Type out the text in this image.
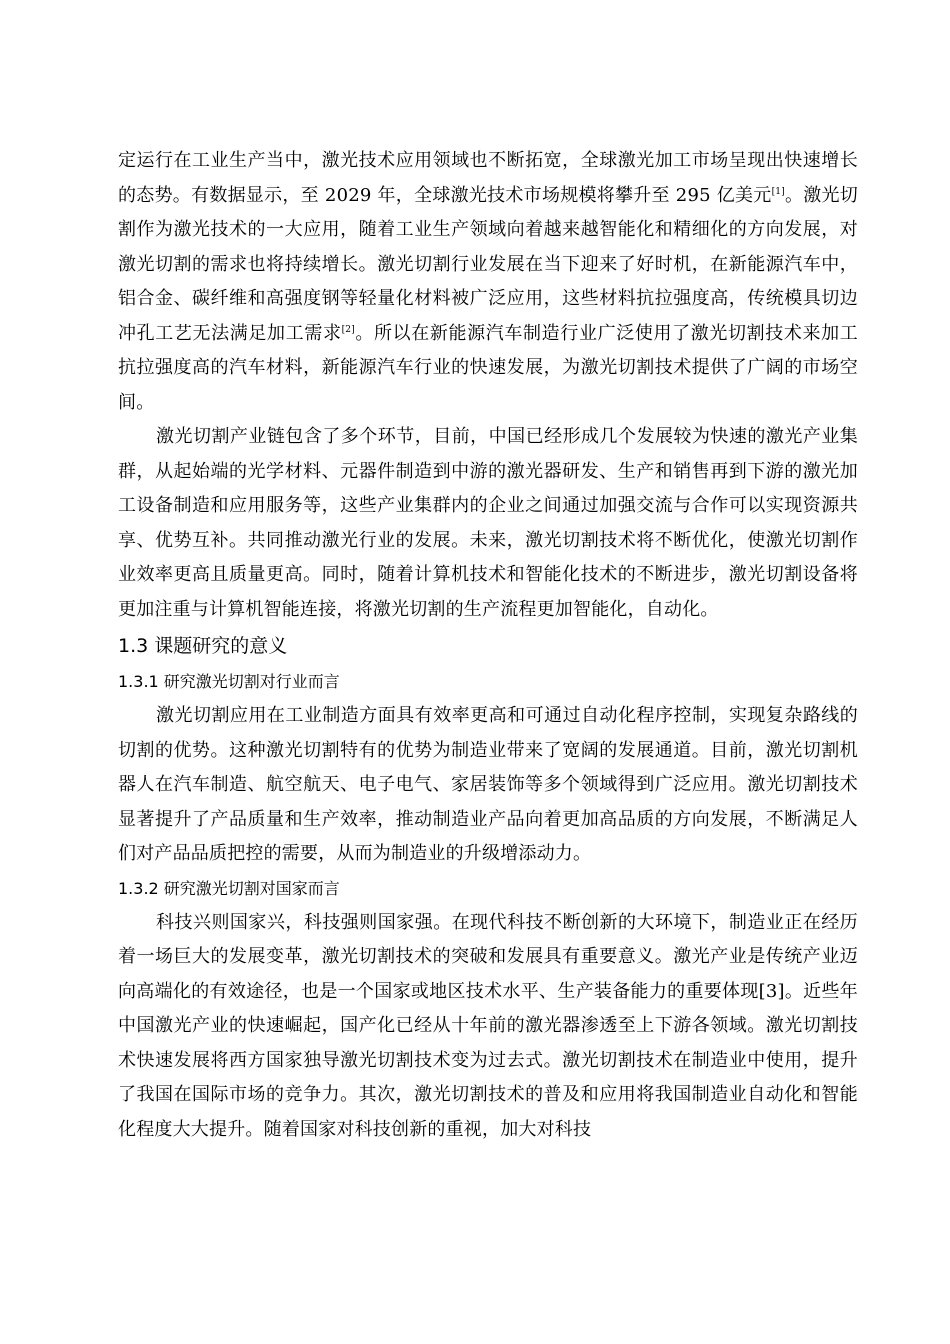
定运行在工业生产当中，激光技术应用领域也不断拓宽，全球激光加工市场呈现出快速增长的态势。有数据显示，至 2029 年，全球激光技术市场规模将攀升至 295 亿美元[1]。激光切割作为激光技术的一大应用，随着工业生产领域向着越来越智能化和精细化的方向发展，对激光切割的需求也将持续增长。激光切割行业发展在当下迎来了好时机，在新能源汽车中，铝合金、碳纤维和高强度钢等轻量化材料被广泛应用，这些材料抗拉强度高，传统模具切边冲孔工艺无法满足加工需求[2]。所以在新能源汽车制造行业广泛使用了激光切割技术来加工抗拉强度高的汽车材料，新能源汽车行业的快速发展，为激光切割技术提供了广阔的市场空间。

激光切割产业链包含了多个环节，目前，中国已经形成几个发展较为快速的激光产业集群，从起始端的光学材料、元器件制造到中游的激光器研发、生产和销售再到下游的激光加工设备制造和应用服务等，这些产业集群内的企业之间通过加强交流与合作可以实现资源共享、优势互补。共同推动激光行业的发展。未来，激光切割技术将不断优化，使激光切割作业效率更高且质量更高。同时，随着计算机技术和智能化技术的不断进步，激光切割设备将更加注重与计算机智能连接，将激光切割的生产流程更加智能化，自动化。

1.3 课题研究的意义
1.3.1 研究激光切割对行业而言

激光切割应用在工业制造方面具有效率更高和可通过自动化程序控制，实现复杂路线的切割的优势。这种激光切割特有的优势为制造业带来了宽阔的发展通道。目前，激光切割机器人在汽车制造、航空航天、电子电气、家居装饰等多个领域得到广泛应用。激光切割技术显著提升了产品质量和生产效率，推动制造业产品向着更加高品质的方向发展，不断满足人们对产品品质把控的需要，从而为制造业的升级增添动力。

1.3.2 研究激光切割对国家而言

科技兴则国家兴，科技强则国家强。在现代科技不断创新的大环境下，制造业正在经历着一场巨大的发展变革，激光切割技术的突破和发展具有重要意义。激光产业是传统产业迈向高端化的有效途径，也是一个国家或地区技术水平、生产装备能力的重要体现[3]。近些年中国激光产业的快速崛起，国产化已经从十年前的激光器渗透至上下游各领域。激光切割技术快速发展将西方国家独导激光切割技术变为过去式。激光切割技术在制造业中使用，提升了我国在国际市场的竞争力。其次，激光切割技术的普及和应用将我国制造业自动化和智能化程度大大提升。随着国家对科技创新的重视，加大对科技
